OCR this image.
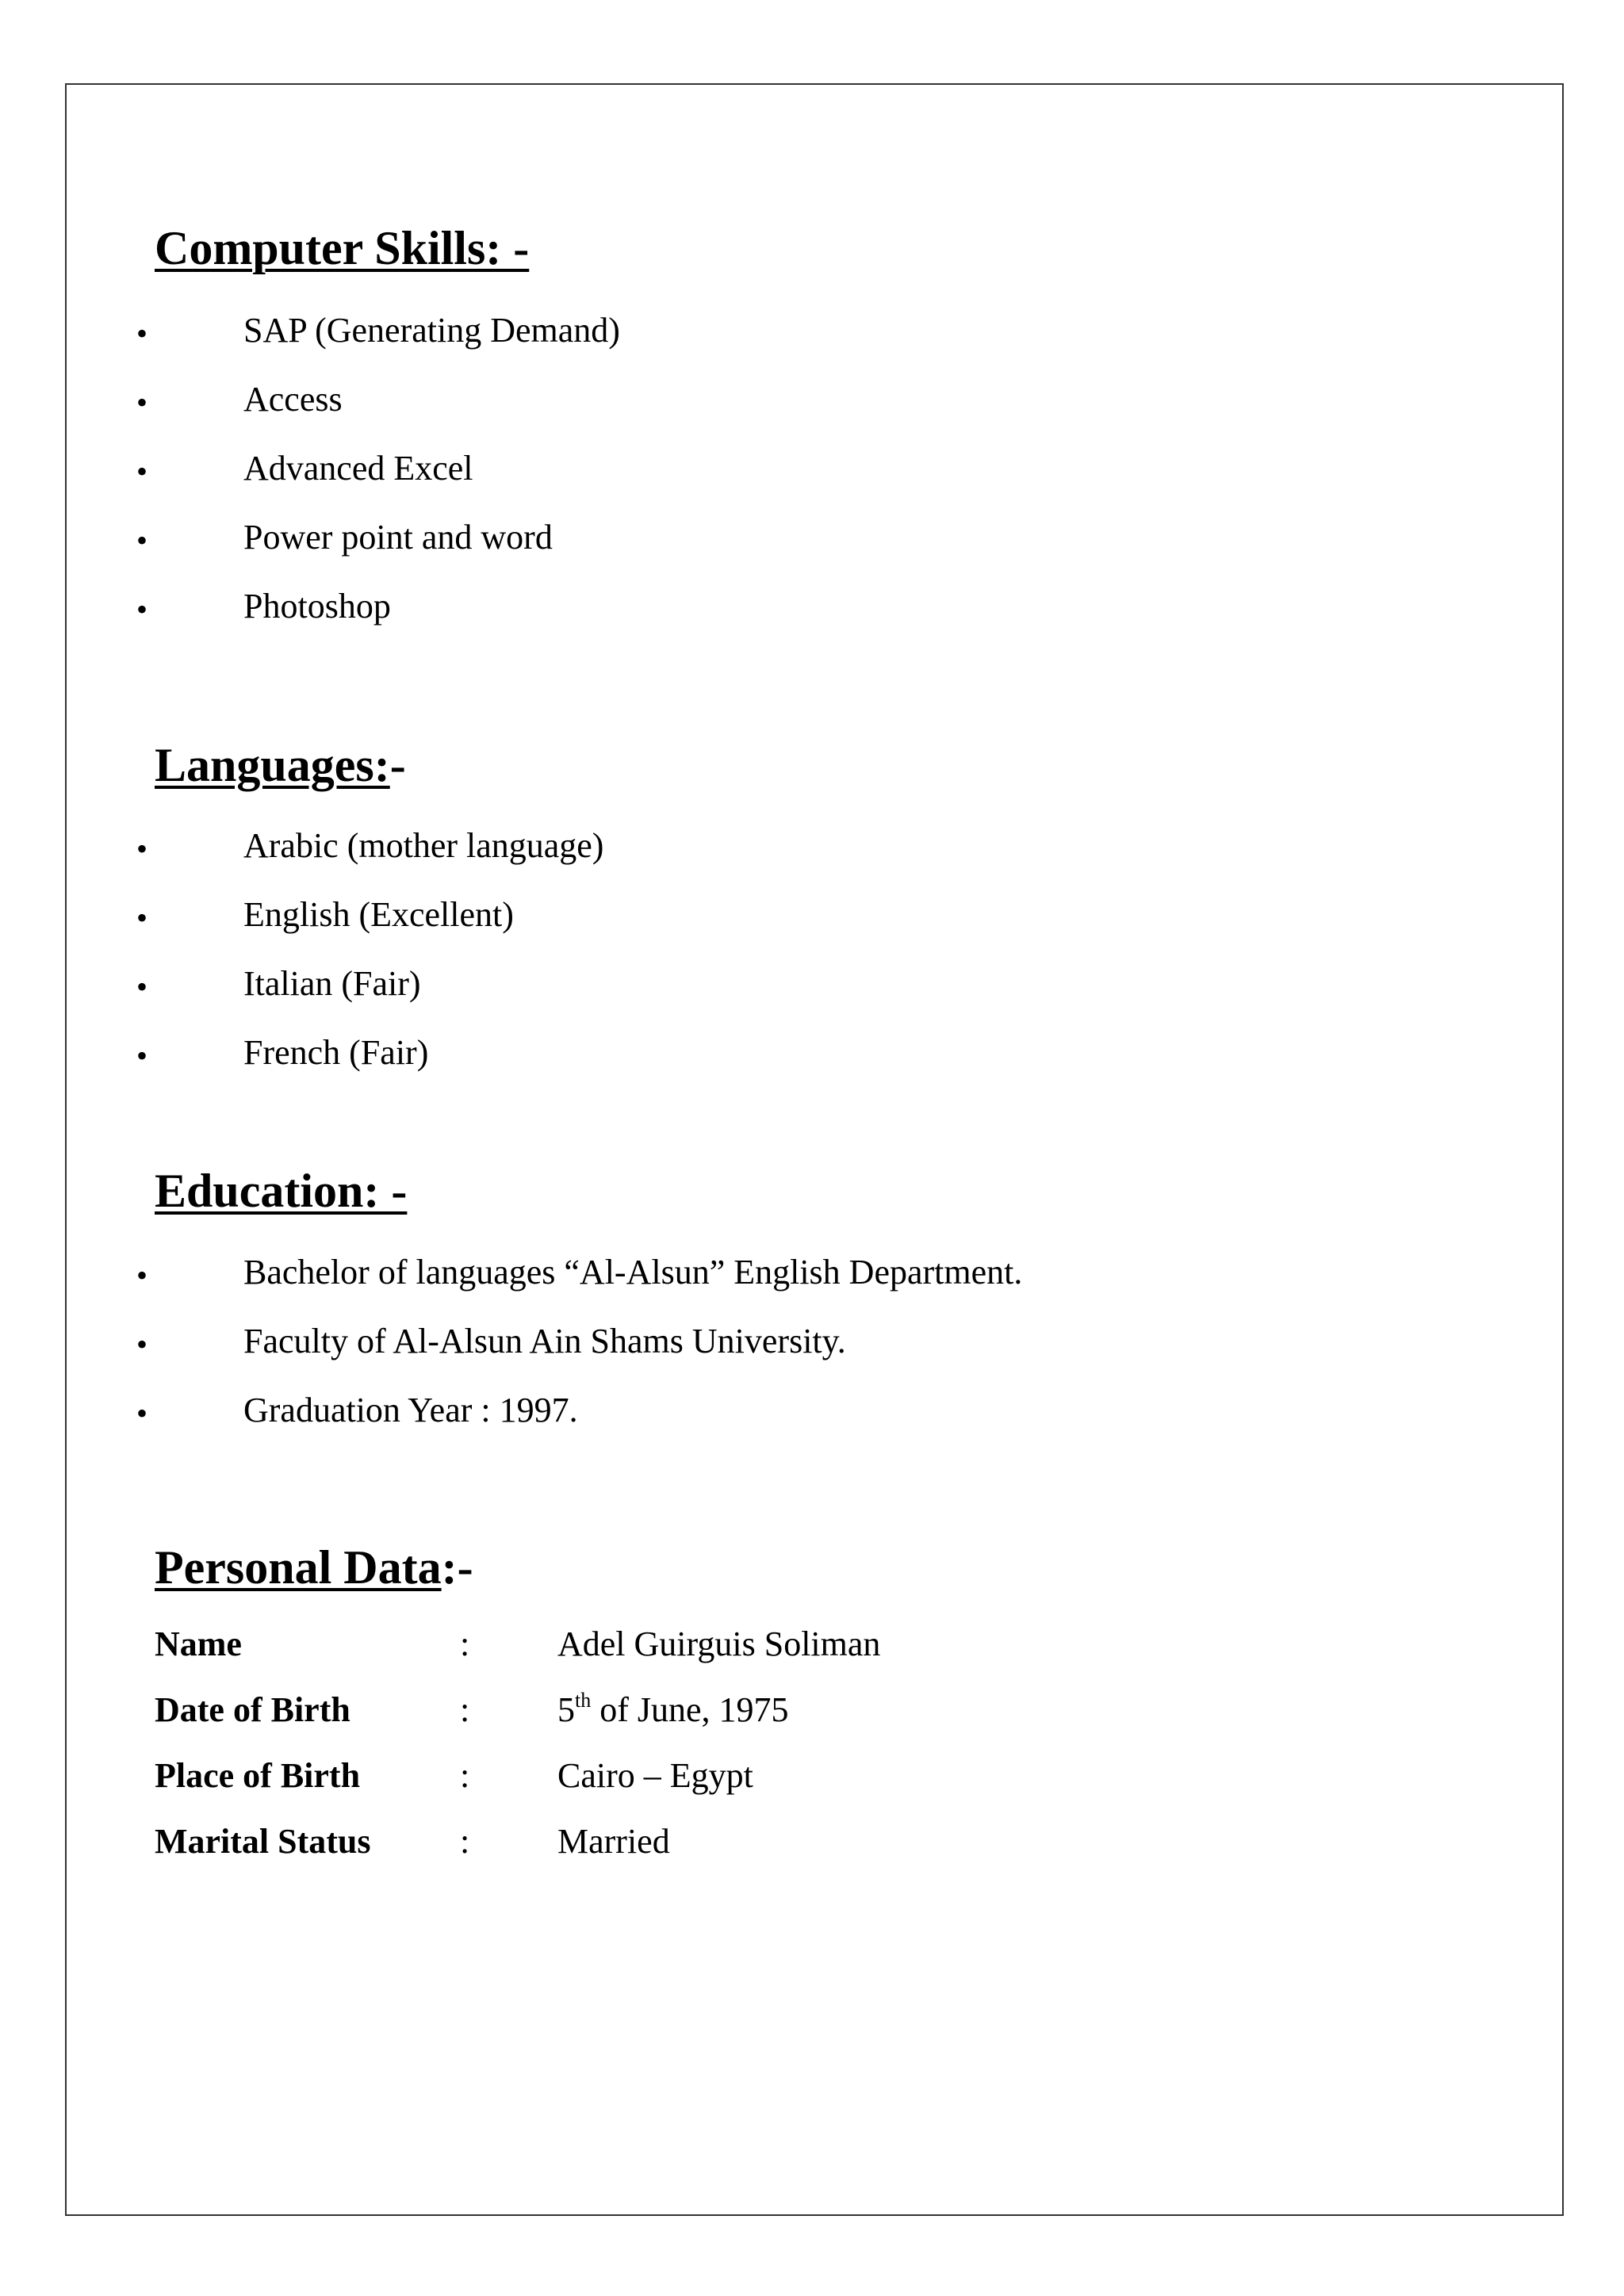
Computer Skills: -
•	SAP (Generating Demand)
•	Access
•	Advanced Excel
•	Power point and word
•	Photoshop
Languages:-
•	Arabic (mother language)
•	English (Excellent)
•	Italian (Fair)
•	French (Fair)
Education: -
•	Bachelor of languages “Al-Alsun” English Department.
•	Faculty of Al-Alsun Ain Shams University.
•	Graduation Year : 1997.
Personal Data:-
Name	:	Adel Guirguis Soliman
Date of Birth	:	5th of June, 1975
Place of Birth	:	Cairo – Egypt
Marital Status	:	Married
